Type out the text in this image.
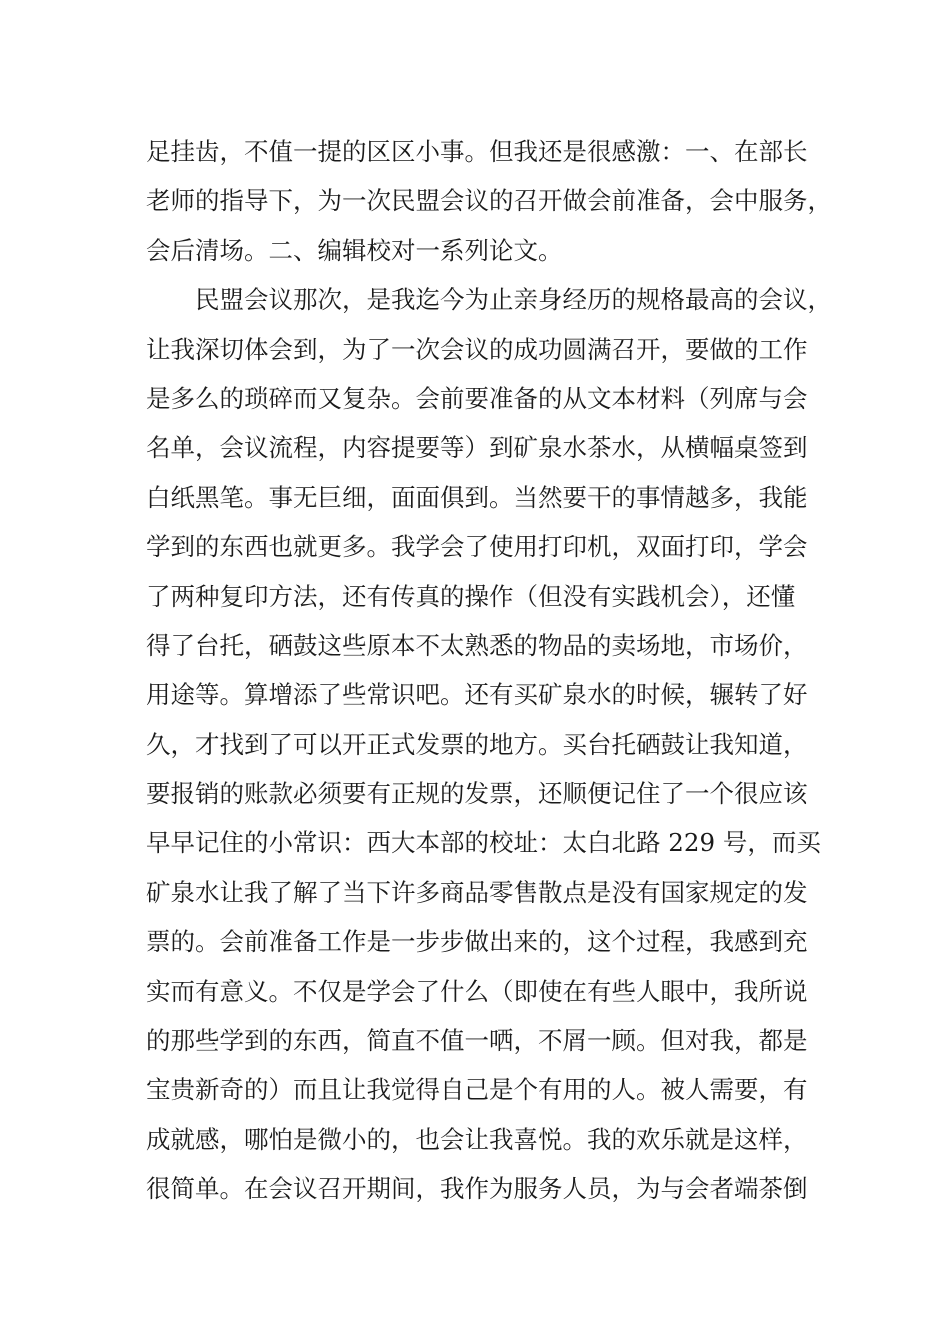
足挂齿，不值一提的区区小事。但我还是很感激：一、在部长
老师的指导下，为一次民盟会议的召开做会前准备，会中服务，
会后清场。二、编辑校对一系列论文。
民盟会议那次，是我迄今为止亲身经历的规格最高的会议，
让我深切体会到，为了一次会议的成功圆满召开，要做的工作
是多么的琐碎而又复杂。会前要准备的从文本材料（列席与会
名单，会议流程，内容提要等）到矿泉水茶水，从横幅桌签到
白纸黑笔。事无巨细，面面俱到。当然要干的事情越多，我能
学到的东西也就更多。我学会了使用打印机，双面打印，学会
了两种复印方法，还有传真的操作（但没有实践机会），还懂
得了台托，硒鼓这些原本不太熟悉的物品的卖场地，市场价，
用途等。算增添了些常识吧。还有买矿泉水的时候，辗转了好
久，才找到了可以开正式发票的地方。买台托硒鼓让我知道，
要报销的账款必须要有正规的发票，还顺便记住了一个很应该
早早记住的小常识：西大本部的校址：太白北路 229 号，而买
矿泉水让我了解了当下许多商品零售散点是没有国家规定的发
票的。会前准备工作是一步步做出来的，这个过程，我感到充
实而有意义。不仅是学会了什么（即使在有些人眼中，我所说
的那些学到的东西，简直不值一哂，不屑一顾。但对我，都是
宝贵新奇的）而且让我觉得自己是个有用的人。被人需要，有
成就感，哪怕是微小的，也会让我喜悦。我的欢乐就是这样，
很简单。在会议召开期间，我作为服务人员，为与会者端茶倒
